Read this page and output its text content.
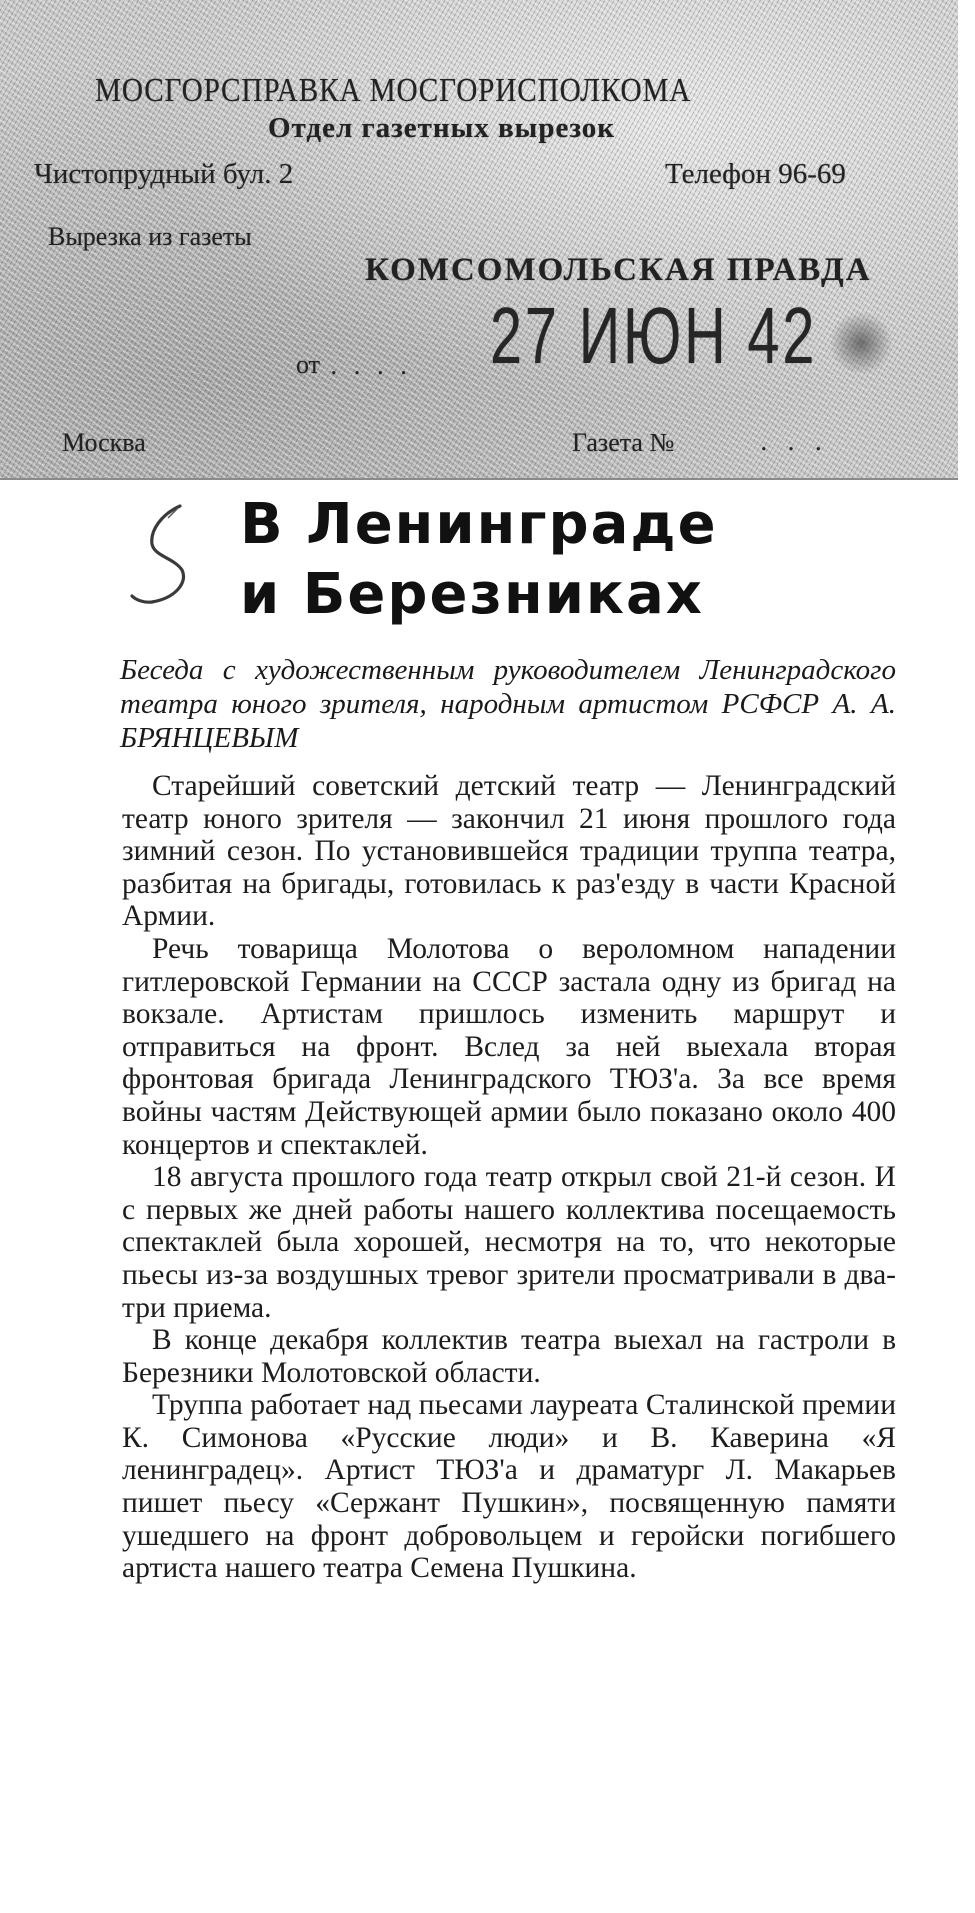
МОСГОРСПРАВКА МОСГОРИСПОЛКОМА
Отдел газетных вырезок
Чистопрудный бул. 2	Телефон 96-69
Вырезка из газеты
КОМСОМОЛЬСКАЯ ПРАВДА
от . . . . 27 ИЮН 42
Москва	Газета №	. . .
В Ленинграде
и Березниках
Беседа с художественным руководителем Ленинградского театра юного зрителя, народным артистом РСФСР А. А. БРЯНЦЕВЫМ

Старейший советский детский театр — Ленинградский театр юного зрителя — закончил 21 июня прошлого года зимний сезон. По установившейся традиции труппа театра, разбитая на бригады, готовилась к раз'езду в части Красной Армии.

Речь товарища Молотова о вероломном нападении гитлеровской Германии на СССР застала одну из бригад на вокзале. Артистам пришлось изменить маршрут и отправиться на фронт. Вслед за ней выехала вторая фронтовая бригада Ленинградского ТЮЗ'а. За все время войны частям Действующей армии было показано около 400 концертов и спектаклей.

18 августа прошлого года театр открыл свой 21-й сезон. И с первых же дней работы нашего коллектива посещаемость спектаклей была хорошей, несмотря на то, что некоторые пьесы из-за воздушных тревог зрители просматривали в два-три приема.

В конце декабря коллектив театра выехал на гастроли в Березники Молотовской области.

Труппа работает над пьесами лауреата Сталинской премии К. Симонова «Русские люди» и В. Каверина «Я ленинградец». Артист ТЮЗ'а и драматург Л. Макарьев пишет пьесу «Сержант Пушкин», посвященную памяти ушедшего на фронт добровольцем и геройски погибшего артиста нашего театра Семена Пушкина.
